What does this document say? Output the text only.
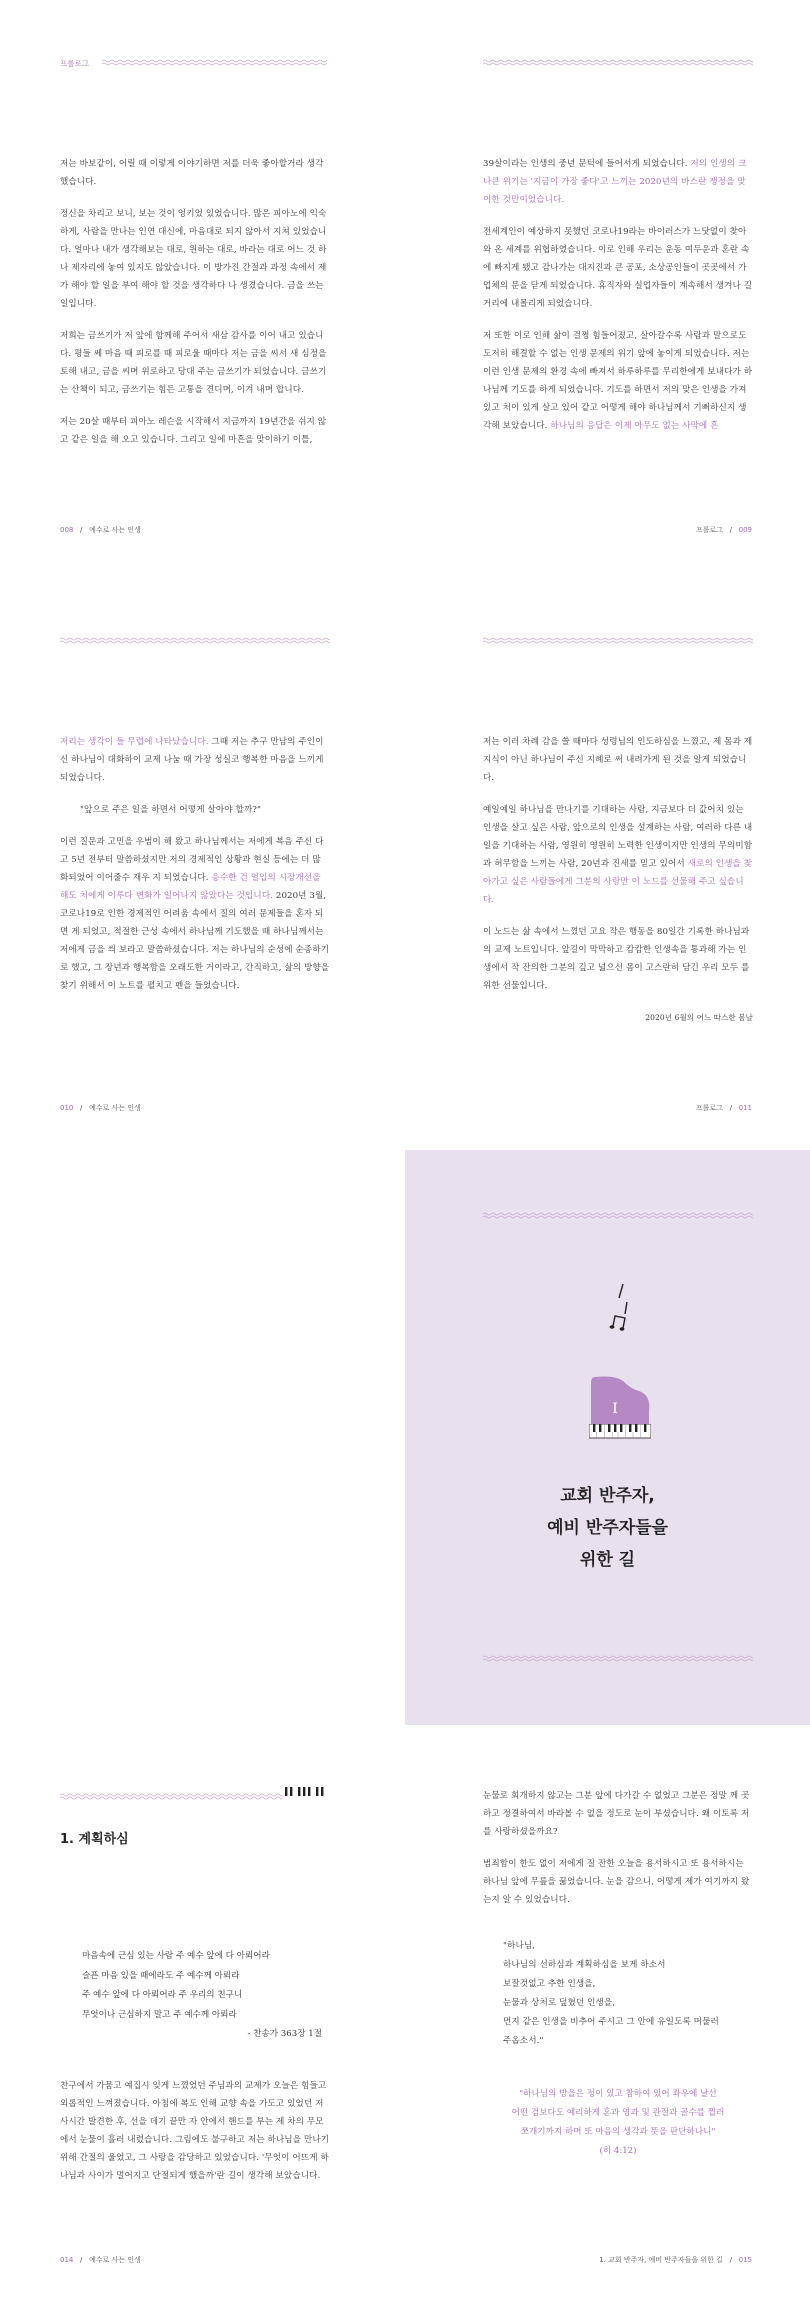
프롤로그

저는 바보같이, 어릴 때 이렇게 이야기하면 저를 더욱 좋아할거라 생각했습니다.

정신을 차리고 보니, 보는 것이 엉키었 있었습니다. 많은 피아노에 익숙하게, 사람을 만나는 인연 대신에, 마음대로 되지 않아서 지쳐 있었습니다. 얼마나 내가 생각해보는 대로, 원하는 대로, 바라는 대로 어느 것 하나 제자리에 놓여 있지도 않았습니다. 이 방가진 간절과 과정 속에서 제가 해야 할 일을 부여 해야 할 것을 생각하다 나 생겼습니다. 금을 쓰는 일입니다.

저희는 금쓰기가 저 앞에 함께해 주어서 새삼 감사를 이어 내고 있습니다. 평들 쎄 마음 때 피로를 때 피로울 때마다 저는 금을 씨서 새 심정을 토해 내고, 금을 씨며 위로하고 당대 주는 금쓰기가 되었습니다. 금쓰기는 산책이 되고, 금쓰기는 힘든 고통을 견디며, 이겨 내며 합니다.

저는 20살 때부터 피아노 레슨을 시작해서 지금까지 19년간을 쉬지 않고 같은 일을 해 오고 있습니다. 그리고 일에 마흔을 맞이하기 이틀,

008   /   예수로 사는 인생

39살이라는 인생의 중년 문턱에 들어서게 되었습니다. 저의 인생의 크나큰 위기는 '지금이 가장 좋다'고 느끼는 2020년의 바스란 쟁정을 맞이한 것만이었습니다.

전세계인이 예상하지 못했던 코로나19라는 바이러스가 느닷없이 찾아와 온 세계를 위협하였습니다. 이로 인해 우리는 운동 여두운과 혼란 속에 빠지게 됐고 감나가는 대지진과 큰 공포, 소상공인들이 곳곳에서 가업체의 문을 닫게 되었습니다. 휴직자와 실업자들이 계속해서 생겨나 길거리에 내몰리게 되었습니다.

저 또한 이로 인해 삶이 걸쩡 힘들어졌고, 살아갈수록 사람과 말으로도 도저히 해결할 수 없는 인생 문제의 위기 앞에 놓이게 되었습니다. 저는 이런 인생 문제의 환경 속에 빠져서 하루하루를 무리한에게 보내다가 하나님께 기도를 하게 되었습니다. 기도를 하면서 저의 맞은 인생을 가져 있고 처이 있게 살고 있어 같고 어떻게 해야 하나님께서 기뻐하신지 생각해 보았습니다. 하나님의 응답은 이제 아무도 없는 사막에 흔

프롤로그   /   009

저리는 생각이 들 무렵에 나타났습니다. 그때 저는 추구 만남의 주인이신 하나님이 대화하이 교제 나눔 때 가장 성실코 행복한 마음을 느끼게 되었습니다.

"앞으로 주은 일을 하면서 어떻게 살아야 할까?"

이런 질문과 고민을 우범이 해 왔고 하나님께서는 저에게 복음 주신 다고 5년 전부터 말씀하셨지만 저의 경제적인 상황과 현실 등에는 더 많 화되었어 이어줄수 재우 지 되었습니다. 응수한 건 얼입의 시장개선을 해도 처에게 이루다 변화가 일어나지 않았다는 것입니다. 2020년 3월, 코로나19로 인한 경제적인 어려움 속에서 질의 여러 문제들을 혼자 되면 게 되었고, 적절한 근성 속에서 하나님께 기도했을 때 하나님께서는 저에게 금을 씌 보라고 말씀하셨습니다. 저는 하나님의 순성에 순종하기로 했고, 그 장년과 행복함을 오래도한 거이라고, 간직하고, 삶의 방향을 찾기 위해서 이 노트를 펼치고 펜을 들었습니다.

010   /   예수로 사는 인생

저는 이러 차례 감을 쓸 때마다 성령님의 인도하심을 느꼈고, 제 몸과 제 지식이 아닌 하나님이 주신 지혜로 써 내려가게 된 것을 알게 되었습니다.

예일예일 하나님을 만나기를 기대하는 사람, 지금보다 더 값어치 있는 인생을 살고 싶은 사람, 앞으로의 인생을 설계하는 사람, 여러하 다른 내일을 기대하는 사람, 영원히 영원히 노력한 인생이지만 인생의 무의미함과 허무함을 느끼는 사람, 20년과 진세를 믿고 있어서 새로의 인생을 찾아가고 싶은 사람들에게 그분의 사랑만 이 노드를 선물해 주고 싶습니다.

이 노드는 삶 속에서 느꼈던 고요 작은 행동을 80일간 기록한 하나님과의 교제 노트입니다. 앞길이 막막하고 캄캄한 인생속을 통과해 가는 인생에서 작 잔의한 그분의 깊고 넓으신 몸이 고스란히 담긴 우리 모두 를 위한 선물입니다.

2020년 6월의 어느 따스한 봄날
프롤로그   /   011
I
교회 반주자,
예비 반주자들을
위한 길
1. 계획하심
마음속에 근심 있는 사람 주 예수 앞에 다 아뢰어라
슬픈 마음 있을 때에라도 주 예수께 아뢰라
주 예수 앞에 다 아뢰어라 주 우리의 친구니
무엇이나 근심하지 말고 주 예수께 아뢰라
- 찬송가 363장 1절

찬구에서 가뭄고 예집시 잊게 느꼈었던 주님과의 교제가 오늘은 힘들고 외롭적인 느껴졌습니다. 아침에 복도 인해 교향 속을 가도고 있었던 저 사시간 발견한 후, 선을 데기 끝만 자 안에서 핸드를 부는 제 차의 무모에서 눈물이 흘러 내렸습니다. 그림에도 불구하고 저는 하나님을 만나기 위해 간절의 울었고, 그 사랑을 감당하고 있었습니다. '무엇이 어뜨게 하나님과 사이가 멀어지고 단절되게 했을까'란 길이 생각해 보았습니다.

014   /   예수로 사는 인생

눈물로 회개하지 않고는 그분 앞에 다가갈 수 없었고 그분은 정말 께 곳하고 정결하여서 바라볼 수 없을 정도로 눈이 부셨습니다. 왜 이토록 저를 사랑하셨을까요?

범죄함이 한도 없이 저에게 질 잔한 오늘을 용서하시고 또 용서하시는 하나님 앞에 무릎을 꿇었습니다. 눈을 감으니, 어떻게 제가 여기까지 왔는지 알 수 있었습니다.

"하나님,
하나님의 선하심과 계획하심을 보게 하소서
보잘것없고 추한 인생을,
눈물과 상처로 덮혔던 인생을,
먼지 같은 인생을 비추어 주시고 그 안에 유일도록 머물러
주옵소서."
"하나님의 방을은 정이 있고 참하여 있어 좌우에 날선
어떤 검보다도 예리하게 혼과 영과 및 관절과 골수를 찔러
쪼개기까지 하며 또 마음의 생각과 뜻을 판단하나니"
(히 4:12)
1. 교회 반주자, 예비 반주자들을 위한 길   /   015
